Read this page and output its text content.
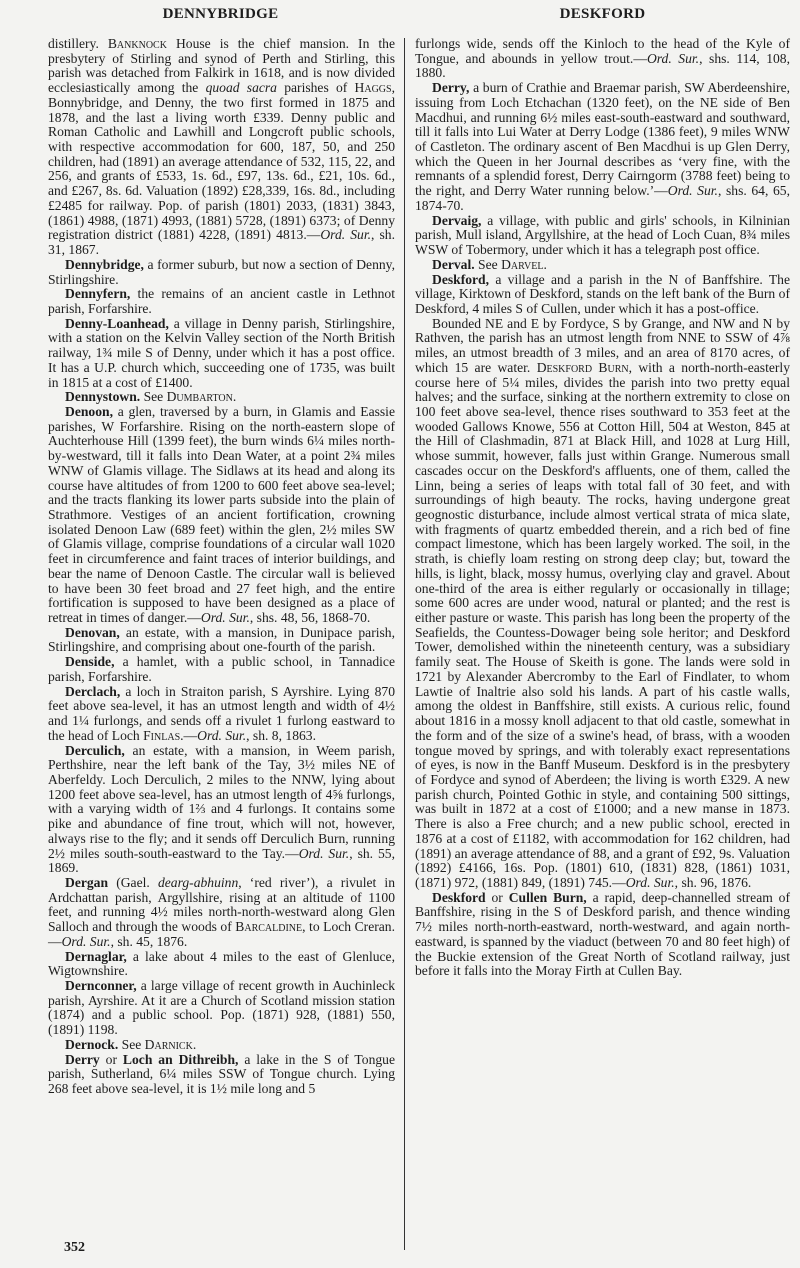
DENNYBRIDGE	DESKFORD

distillery. Banknock House is the chief mansion. In the presbytery of Stirling and synod of Perth and Stirling, this parish was detached from Falkirk in 1618, and is now divided ecclesiastically among the quoad sacra parishes of Haggs, Bonnybridge, and Denny, the two first formed in 1875 and 1878, and the last a living worth £339. Denny public and Roman Catholic and Lawhill and Longcroft public schools, with respective accommodation for 600, 187, 50, and 250 children, had (1891) an average attendance of 532, 115, 22, and 256, and grants of £533, 1s. 6d., £97, 13s. 6d., £21, 10s. 6d., and £267, 8s. 6d. Valuation (1892) £28,339, 16s. 8d., including £2485 for railway. Pop. of parish (1801) 2033, (1831) 3843, (1861) 4988, (1871) 4993, (1881) 5728, (1891) 6373; of Denny registration district (1881) 4228, (1891) 4813.—Ord. Sur., sh. 31, 1867.

Dennybridge, a former suburb, but now a section of Denny, Stirlingshire.

Dennyfern, the remains of an ancient castle in Lethnot parish, Forfarshire.

Denny-Loanhead, a village in Denny parish, Stirlingshire, with a station on the Kelvin Valley section of the North British railway, 1¾ mile S of Denny, under which it has a post office. It has a U.P. church which, succeeding one of 1735, was built in 1815 at a cost of £1400.

Dennystown. See Dumbarton.

Denoon, a glen, traversed by a burn, in Glamis and Eassie parishes, W Forfarshire. Rising on the north-eastern slope of Auchterhouse Hill (1399 feet), the burn winds 6¼ miles north-by-westward, till it falls into Dean Water, at a point 2¾ miles WNW of Glamis village. The Sidlaws at its head and along its course have altitudes of from 1200 to 600 feet above sea-level; and the tracts flanking its lower parts subside into the plain of Strathmore. Vestiges of an ancient fortification, crowning isolated Denoon Law (689 feet) within the glen, 2½ miles SW of Glamis village, comprise foundations of a circular wall 1020 feet in circumference and faint traces of interior buildings, and bear the name of Denoon Castle. The circular wall is believed to have been 30 feet broad and 27 feet high, and the entire fortification is supposed to have been designed as a place of retreat in times of danger.—Ord. Sur., shs. 48, 56, 1868-70.

Denovan, an estate, with a mansion, in Dunipace parish, Stirlingshire, and comprising about one-fourth of the parish.

Denside, a hamlet, with a public school, in Tannadice parish, Forfarshire.

Derclach, a loch in Straiton parish, S Ayrshire. Lying 870 feet above sea-level, it has an utmost length and width of 4½ and 1¼ furlongs, and sends off a rivulet 1 furlong eastward to the head of Loch Finlas.—Ord. Sur., sh. 8, 1863.

Derculich, an estate, with a mansion, in Weem parish, Perthshire, near the left bank of the Tay, 3½ miles NE of Aberfeldy. Loch Derculich, 2 miles to the NNW, lying about 1200 feet above sea-level, has an utmost length of 4⅝ furlongs, with a varying width of 1⅔ and 4 furlongs. It contains some pike and abundance of fine trout, which will not, however, always rise to the fly; and it sends off Derculich Burn, running 2½ miles south-south-eastward to the Tay.—Ord. Sur., sh. 55, 1869.

Dergan (Gael. dearg-abhuinn, ‘red river’), a rivulet in Ardchattan parish, Argyllshire, rising at an altitude of 1100 feet, and running 4½ miles north-north-westward along Glen Salloch and through the woods of Barcaldine, to Loch Creran.—Ord. Sur., sh. 45, 1876.

Dernaglar, a lake about 4 miles to the east of Glenluce, Wigtownshire.

Dernconner, a large village of recent growth in Auchinleck parish, Ayrshire. At it are a Church of Scotland mission station (1874) and a public school. Pop. (1871) 928, (1881) 550, (1891) 1198.

Dernock. See Darnick.

Derry or Loch an Dithreibh, a lake in the S of Tongue parish, Sutherland, 6¼ miles SSW of Tongue church. Lying 268 feet above sea-level, it is 1½ mile long and 5

furlongs wide, sends off the Kinloch to the head of the Kyle of Tongue, and abounds in yellow trout.—Ord. Sur., shs. 114, 108, 1880.

Derry, a burn of Crathie and Braemar parish, SW Aberdeenshire, issuing from Loch Etchachan (1320 feet), on the NE side of Ben Macdhui, and running 6½ miles east-south-eastward and southward, till it falls into Lui Water at Derry Lodge (1386 feet), 9 miles WNW of Castleton. The ordinary ascent of Ben Macdhui is up Glen Derry, which the Queen in her Journal describes as ‘very fine, with the remnants of a splendid forest, Derry Cairngorm (3788 feet) being to the right, and Derry Water running below.’—Ord. Sur., shs. 64, 65, 1874-70.

Dervaig, a village, with public and girls' schools, in Kilninian parish, Mull island, Argyllshire, at the head of Loch Cuan, 8¾ miles WSW of Tobermory, under which it has a telegraph post office.

Derval. See Darvel.

Deskford, a village and a parish in the N of Banffshire. The village, Kirktown of Deskford, stands on the left bank of the Burn of Deskford, 4 miles S of Cullen, under which it has a post-office.

Bounded NE and E by Fordyce, S by Grange, and NW and N by Rathven, the parish has an utmost length from NNE to SSW of 4⅞ miles, an utmost breadth of 3 miles, and an area of 8170 acres, of which 15 are water. Deskford Burn, with a north-north-easterly course here of 5¼ miles, divides the parish into two pretty equal halves; and the surface, sinking at the northern extremity to close on 100 feet above sea-level, thence rises southward to 353 feet at the wooded Gallows Knowe, 556 at Cotton Hill, 504 at Weston, 845 at the Hill of Clashmadin, 871 at Black Hill, and 1028 at Lurg Hill, whose summit, however, falls just within Grange. Numerous small cascades occur on the Deskford's affluents, one of them, called the Linn, being a series of leaps with total fall of 30 feet, and with surroundings of high beauty. The rocks, having undergone great geognostic disturbance, include almost vertical strata of mica slate, with fragments of quartz embedded therein, and a rich bed of fine compact limestone, which has been largely worked. The soil, in the strath, is chiefly loam resting on strong deep clay; but, toward the hills, is light, black, mossy humus, overlying clay and gravel. About one-third of the area is either regularly or occasionally in tillage; some 600 acres are under wood, natural or planted; and the rest is either pasture or waste. This parish has long been the property of the Seafields, the Countess-Dowager being sole heritor; and Deskford Tower, demolished within the nineteenth century, was a subsidiary family seat. The House of Skeith is gone. The lands were sold in 1721 by Alexander Abercromby to the Earl of Findlater, to whom Lawtie of Inaltrie also sold his lands. A part of his castle walls, among the oldest in Banffshire, still exists. A curious relic, found about 1816 in a mossy knoll adjacent to that old castle, somewhat in the form and of the size of a swine's head, of brass, with a wooden tongue moved by springs, and with tolerably exact representations of eyes, is now in the Banff Museum. Deskford is in the presbytery of Fordyce and synod of Aberdeen; the living is worth £329. A new parish church, Pointed Gothic in style, and containing 500 sittings, was built in 1872 at a cost of £1000; and a new manse in 1873. There is also a Free church; and a new public school, erected in 1876 at a cost of £1182, with accommodation for 162 children, had (1891) an average attendance of 88, and a grant of £92, 9s. Valuation (1892) £4166, 16s. Pop. (1801) 610, (1831) 828, (1861) 1031, (1871) 972, (1881) 849, (1891) 745.—Ord. Sur., sh. 96, 1876.

Deskford or Cullen Burn, a rapid, deep-channelled stream of Banffshire, rising in the S of Deskford parish, and thence winding 7½ miles north-north-eastward, north-westward, and again north-eastward, is spanned by the viaduct (between 70 and 80 feet high) of the Buckie extension of the Great North of Scotland railway, just before it falls into the Moray Firth at Cullen Bay.

352
